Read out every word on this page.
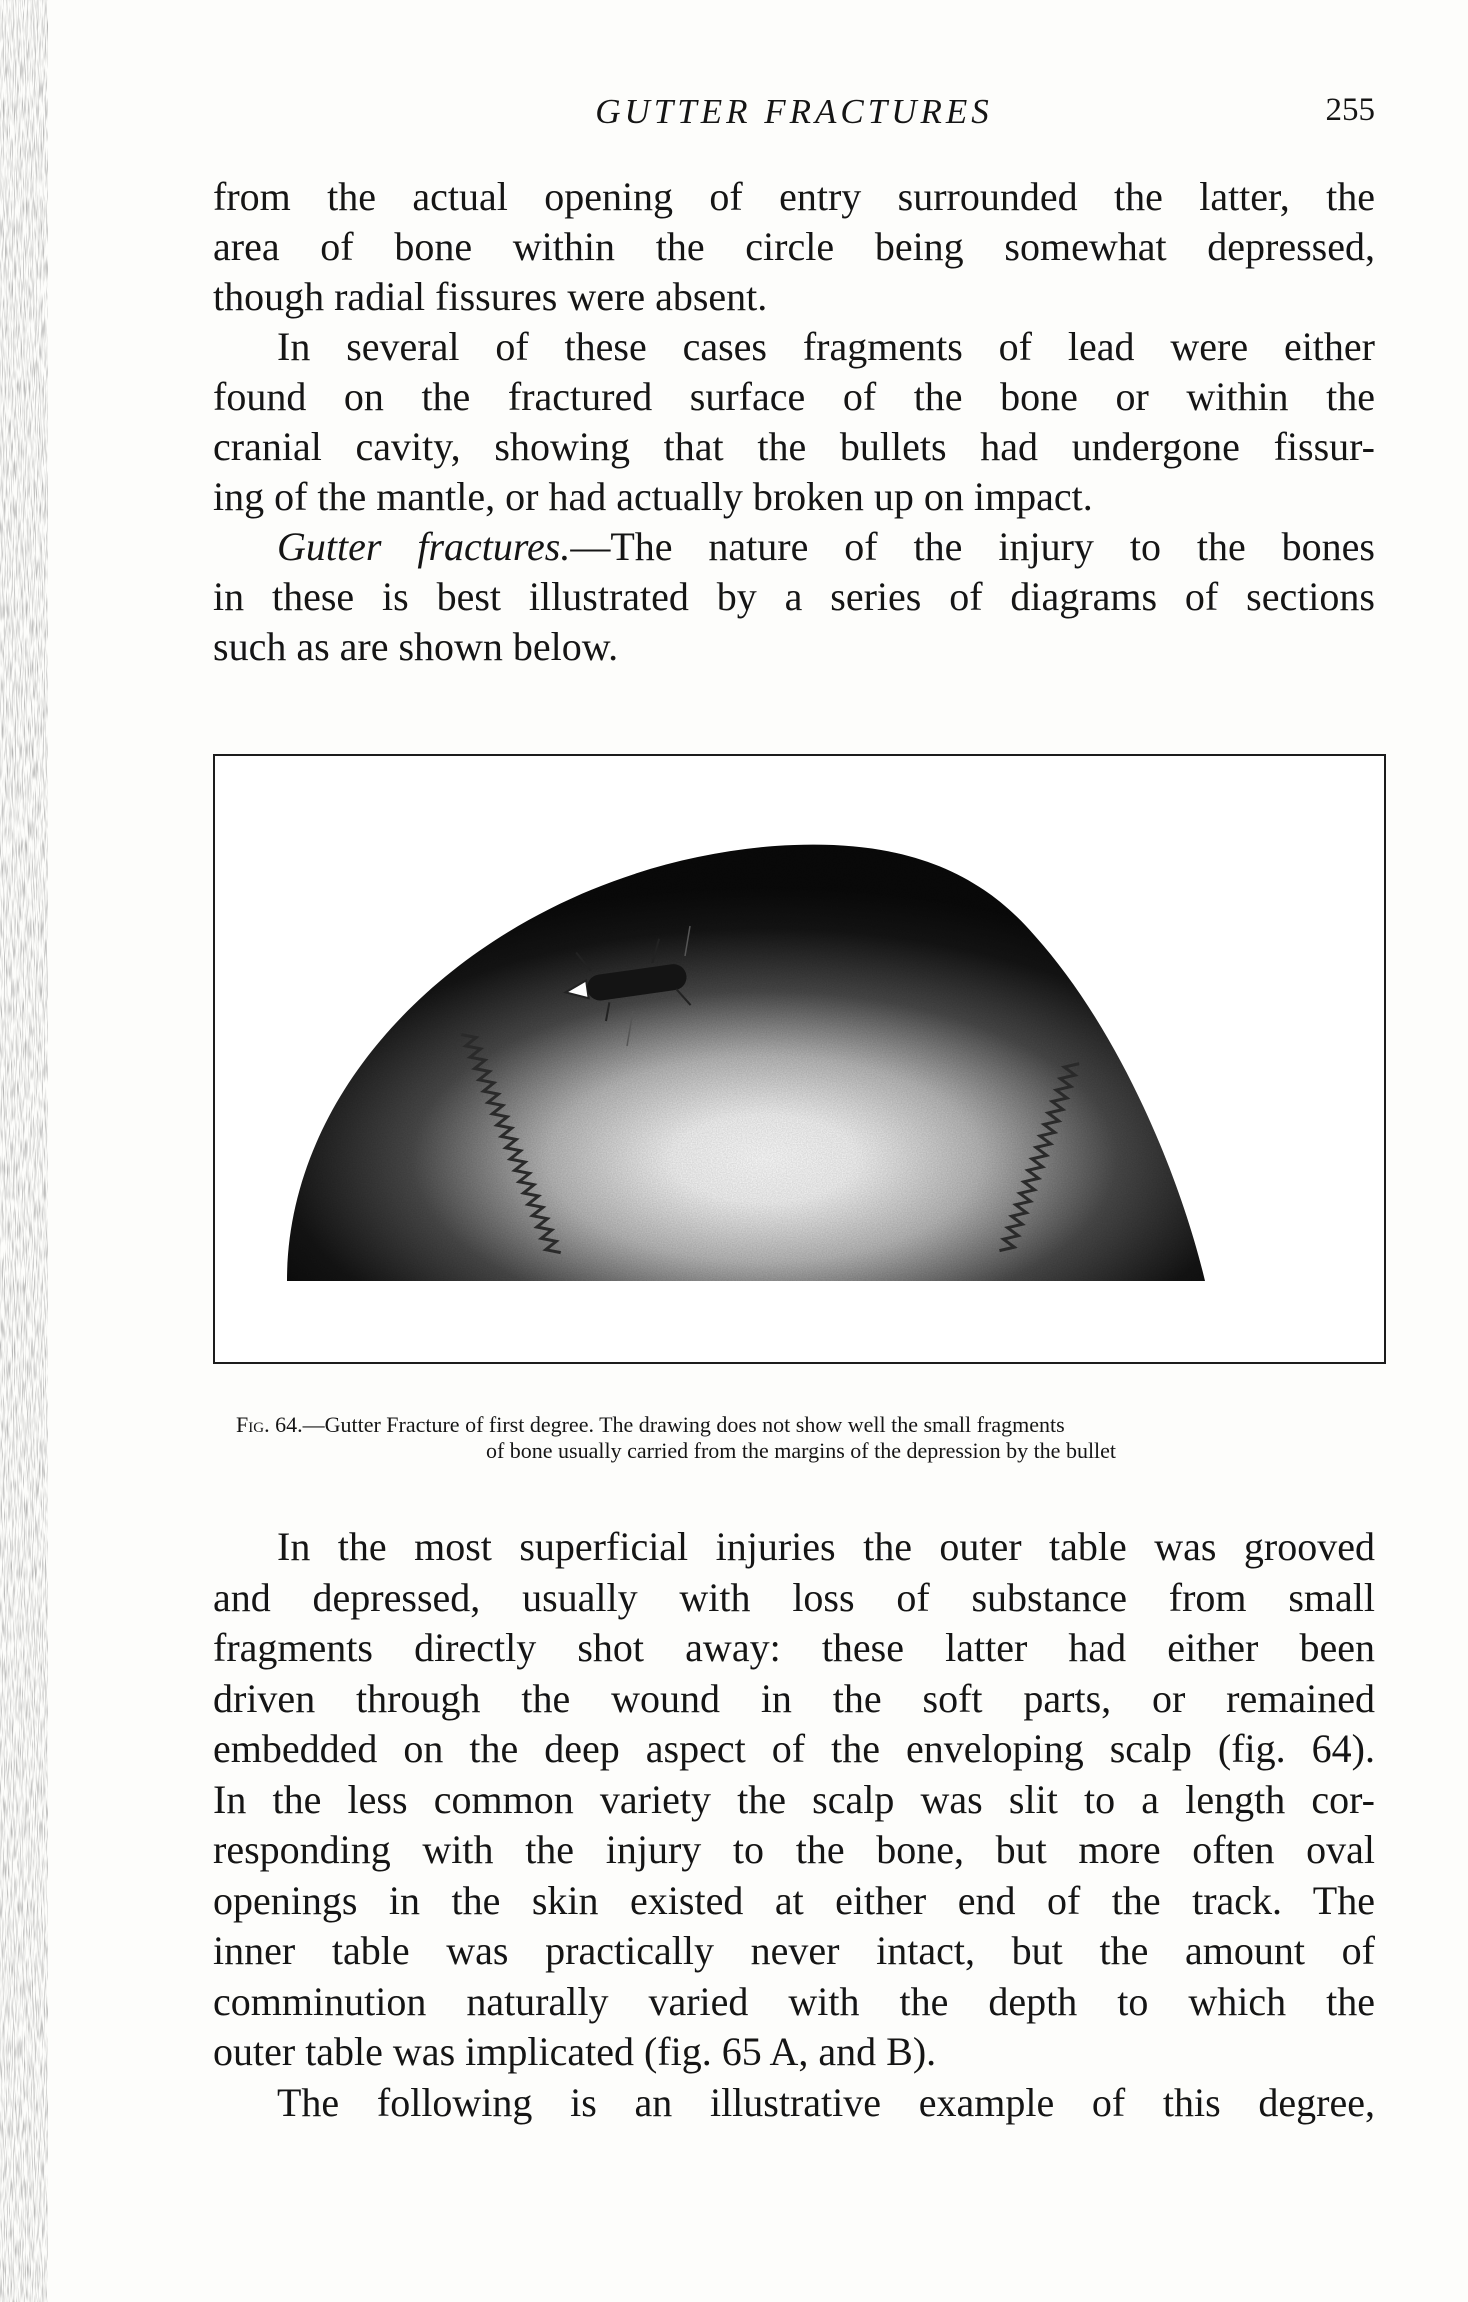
GUTTER FRACTURES	255
from the actual opening of entry surrounded the latter, the
area of bone within the circle being somewhat depressed,
though radial fissures were absent.
In several of these cases fragments of lead were either
found on the fractured surface of the bone or within the
cranial cavity, showing that the bullets had undergone fissur-
ing of the mantle, or had actually broken up on impact.
Gutter fractures.—The nature of the injury to the bones
in these is best illustrated by a series of diagrams of sections
such as are shown below.
Fig. 64.—Gutter Fracture of first degree. The drawing does not show well the small fragments
of bone usually carried from the margins of the depression by the bullet
In the most superficial injuries the outer table was grooved
and depressed, usually with loss of substance from small
fragments directly shot away: these latter had either been
driven through the wound in the soft parts, or remained
embedded on the deep aspect of the enveloping scalp (fig. 64).
In the less common variety the scalp was slit to a length cor-
responding with the injury to the bone, but more often oval
openings in the skin existed at either end of the track. The
inner table was practically never intact, but the amount of
comminution naturally varied with the depth to which the
outer table was implicated (fig. 65 A, and B).
The following is an illustrative example of this degree,
